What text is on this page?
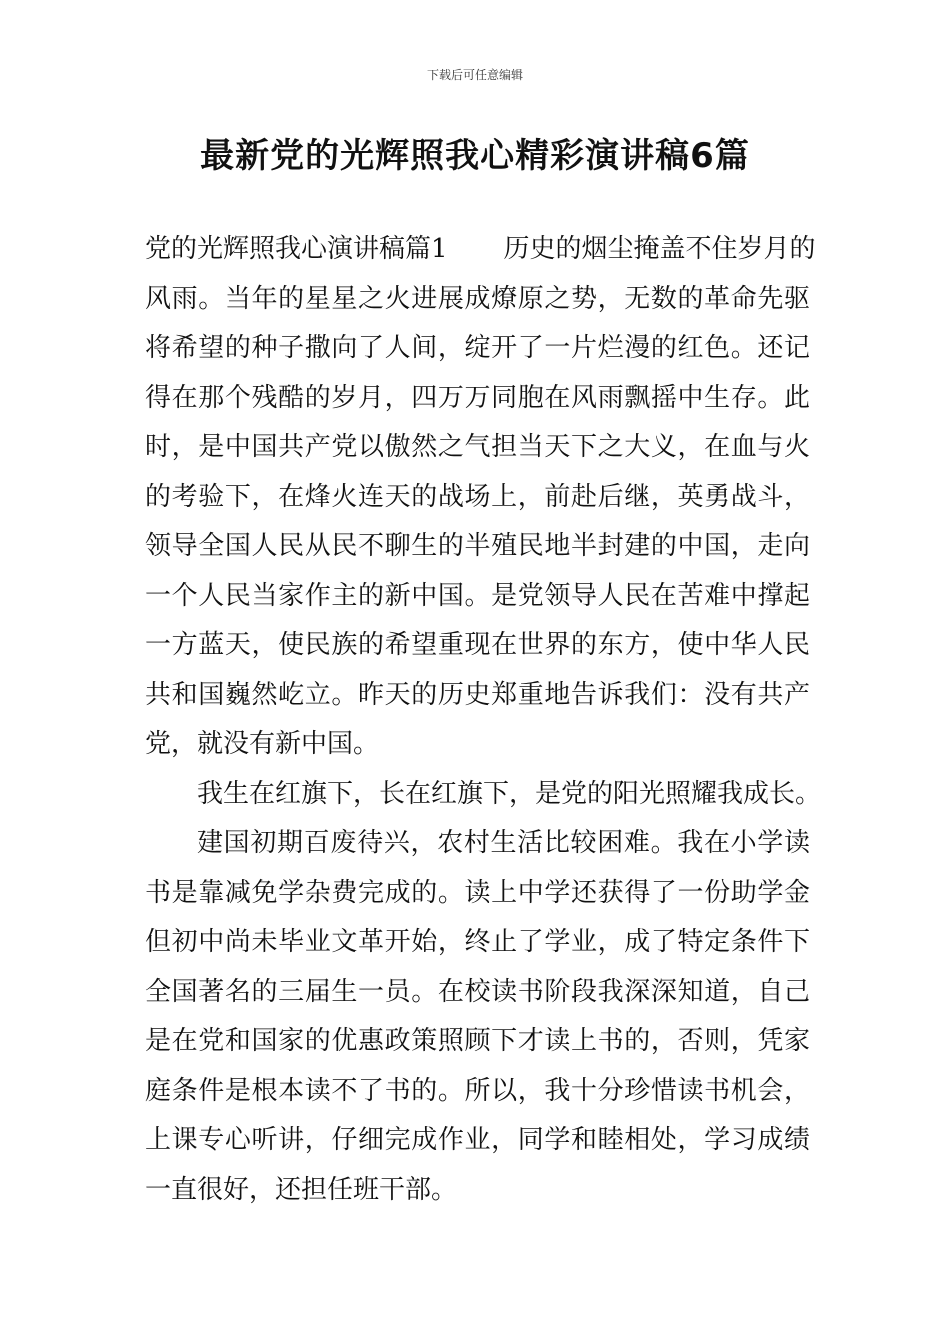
下载后可任意编辑
最新党的光辉照我心精彩演讲稿6篇
党的光辉照我心演讲稿篇1 历史的烟尘掩盖不住岁月的
风雨。当年的星星之火进展成燎原之势，无数的革命先驱
将希望的种子撒向了人间，绽开了一片烂漫的红色。还记
得在那个残酷的岁月，四万万同胞在风雨飘摇中生存。此
时，是中国共产党以傲然之气担当天下之大义，在血与火
的考验下，在烽火连天的战场上，前赴后继，英勇战斗，
领导全国人民从民不聊生的半殖民地半封建的中国，走向
一个人民当家作主的新中国。是党领导人民在苦难中撑起
一方蓝天，使民族的希望重现在世界的东方，使中华人民
共和国巍然屹立。昨天的历史郑重地告诉我们：没有共产
党，就没有新中国。
我生在红旗下，长在红旗下，是党的阳光照耀我成长。
建国初期百废待兴，农村生活比较困难。我在小学读
书是靠减免学杂费完成的。读上中学还获得了一份助学金
但初中尚未毕业文革开始，终止了学业，成了特定条件下
全国著名的三届生一员。在校读书阶段我深深知道，自己
是在党和国家的优惠政策照顾下才读上书的，否则，凭家
庭条件是根本读不了书的。所以，我十分珍惜读书机会，
上课专心听讲，仔细完成作业，同学和睦相处，学习成绩
一直很好，还担任班干部。
